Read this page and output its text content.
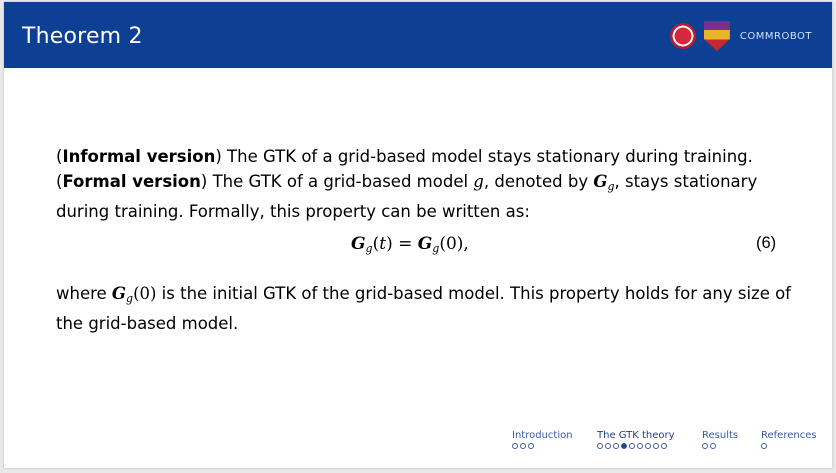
Theorem 2	COMMROBOT

(Informal version) The GTK of a grid-based model stays stationary during training.

(Formal version) The GTK of a grid-based model g, denoted by $G_g$, stays stationary during training. Formally, this property can be written as:

$G_g(t) = G_g(0)$,	(6)
where $G_g(0)$ is the initial GTK of the grid-based model. This property holds for any size of the grid-based model.
Introduction The GTK theory	Results References
